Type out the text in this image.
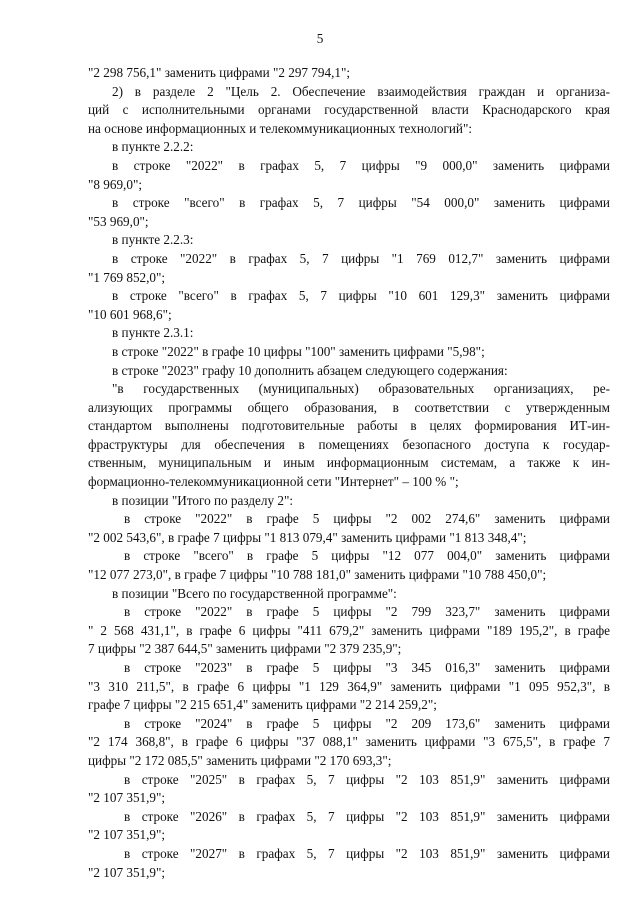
5
"2 298 756,1" заменить цифрами "2 297 794,1";
2) в разделе 2 "Цель 2. Обеспечение взаимодействия граждан и организа-
ций с исполнительными органами государственной власти Краснодарского края
на основе информационных и телекоммуникационных технологий":
в пункте 2.2.2:
в строке "2022" в графах 5, 7 цифры "9 000,0" заменить цифрами
"8 969,0";
в строке "всего" в графах 5, 7 цифры "54 000,0" заменить цифрами
"53 969,0";
в пункте 2.2.3:
в строке "2022" в графах 5, 7 цифры "1 769 012,7" заменить цифрами
"1 769 852,0";
в строке "всего" в графах 5, 7 цифры "10 601 129,3" заменить цифрами
"10 601 968,6";
в пункте 2.3.1:
в строке "2022" в графе 10 цифры "100" заменить цифрами "5,98";
в строке "2023" графу 10 дополнить абзацем следующего содержания:
"в государственных (муниципальных) образовательных организациях, ре-
ализующих программы общего образования, в соответствии с утвержденным
стандартом выполнены подготовительные работы в целях формирования ИТ-ин-
фраструктуры для обеспечения в помещениях безопасного доступа к государ-
ственным, муниципальным и иным информационным системам, а также к ин-
формационно-телекоммуникационной сети "Интернет" – 100 % ";
в позиции "Итого по разделу 2":
в строке "2022" в графе 5 цифры "2 002 274,6" заменить цифрами
"2 002 543,6", в графе 7 цифры "1 813 079,4" заменить цифрами "1 813 348,4";
в строке "всего" в графе 5 цифры "12 077 004,0" заменить цифрами
"12 077 273,0", в графе 7 цифры "10 788 181,0" заменить цифрами "10 788 450,0";
в позиции "Всего по государственной программе":
в строке "2022" в графе 5 цифры "2 799 323,7" заменить цифрами
" 2 568 431,1", в графе 6 цифры "411 679,2" заменить цифрами "189 195,2", в графе
7 цифры "2 387 644,5" заменить цифрами "2 379 235,9";
в строке "2023" в графе 5 цифры "3 345 016,3" заменить цифрами
"3 310 211,5", в графе 6 цифры "1 129 364,9" заменить цифрами "1 095 952,3", в
графе 7 цифры "2 215 651,4" заменить цифрами "2 214 259,2";
в строке "2024" в графе 5 цифры "2 209 173,6" заменить цифрами
"2 174 368,8", в графе 6 цифры "37 088,1" заменить цифрами "3 675,5", в графе 7
цифры "2 172 085,5" заменить цифрами "2 170 693,3";
в строке "2025" в графах 5, 7 цифры "2 103 851,9" заменить цифрами
"2 107 351,9";
в строке "2026" в графах 5, 7 цифры "2 103 851,9" заменить цифрами
"2 107 351,9";
в строке "2027" в графах 5, 7 цифры "2 103 851,9" заменить цифрами
"2 107 351,9";
